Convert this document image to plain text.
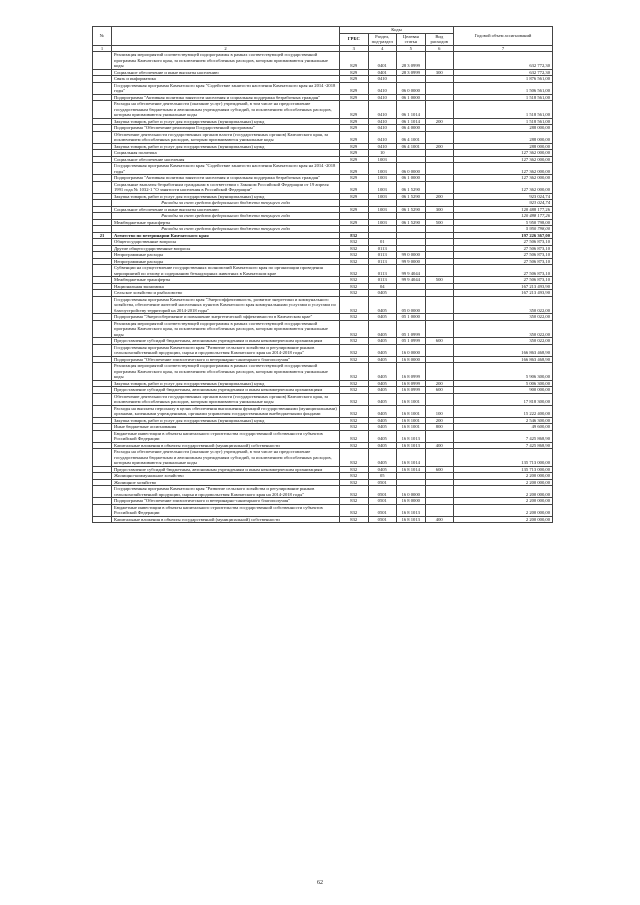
№		Коды				Годовой объем ассигнований
		ГРБС	Раздел, под-раздел	Целевая статья	Вид расходов	
1	2	3	4	5	6	7
	Реализация мероприятий соответствующей подпрограммы в рамках соответствующей государственной программы Камчатского края, за исключением обособленных расходов, которым присваиваются уникальные коды	829	0401	28 3 0999		632 772,30
	Социальное обеспечение и иные выплаты населению	829	0401	28 3 0999	300	632 772,30
	Связь и информатика	829	0410			1 876 561,00
	Государственная программа Камчатского края "Содействие занятости населения Камчатского края на 2014 -2018 годы"	829	0410	06 0 0000		1 506 561,00
	Подпрограмма "Активная политика занятости населения и социальная поддержка безработных граждан"	829	0410	06 1 0000		1 518 561,00
	Расходы на обеспечение деятельности (оказание услуг) учреждений, в том числе на предоставление государственным бюджетным и автономным учреждениям субсидий, за исключением обособленных расходов, которым присваиваются уникальные коды	829	0410	06 1 1014		1 518 561,00
	Закупка товаров, работ и услуг для государственных (муниципальных) нужд	829	0410	06 1 1014	200	1 518 561,00
	Подпрограмма "Обеспечение реализации Государственной программы"	829	0410	06 4 0000		288 000,00
	Обеспечение деятельности государственных органов власти (государственных органов) Камчатского края, за исключением обособленных расходов, которым присваиваются уникальные коды	829	0410	06 4 1001		288 000,00
	Закупка товаров, работ и услуг для государственных (муниципальных) нужд	829	0410	06 4 1001	200	288 000,00
	Социальная политика	829	10			127 362 000,00
	Социальное обеспечение населения	829	1003			127 362 000,00
	Государственная программа Камчатского края "Содействие занятости населения Камчатского края на 2014 -2018 годы"	829	1003	06 0 0000		127 362 000,00
	Подпрограмма "Активная политика занятости населения и социальная поддержка безработных граждан"	829	1003	06 1 0000		127 362 000,00
	Социальные выплаты безработным гражданам в соответствии с Законом Российской Федерации от 19 апреля 1991 года № 1032-1 "О занятости населения в Российской Федерации"	829	1003	06 1 5290		127 362 000,00
	Закупка товаров, работ и услуг для государственных (муниципальных) нужд	829	1003	06 1 5290	200	923 024,74
	Расходы за счет средств федерального бюджета текущего года					923 024,74
	Социальное обеспечение и иные выплаты населению	829	1003	06 1 5290	300	120 488 177,26
	Расходы за счет средств федерального бюджета текущего года					120 488 177,26
	Межбюджетные трансферты	829	1003	06 1 5290	500	5 950 798,00
	Расходы за счет средств федерального бюджета текущего года					5 950 798,00
21	Агентство по ветеринарии Камчатского края	832				197 226 367,00
	Общегосударственные вопросы	832	01			27 506 873,10
	Другие общегосударственные вопросы	832	0113			27 506 873,10
	Непрограммные расходы	832	0113	99 0 0000		27 506 873,10
	Непрограммные расходы	832	0113	99 9 0000		27 506 873,10
	Субвенции на осуществление государственных полномочий Камчатского края по организации проведения мероприятий по отлову и содержанию безнадзорных животных в Камчатском крае	832	0113	99 9 4044		27 506 873,10
	Межбюджетные трансферты	832	0113	99 9 4044	500	27 506 873,10
	Национальная экономика	832	04			167 213 493,90
	Сельское хозяйство и рыболовство	832	0405			167 213 493,90
	Государственная программа Камчатского края "Энергоэффективность, развитие энергетики и коммунального хозяйства, обеспечение жителей населенных пунктов Камчатского края коммунальными услугами и услугами по благоустройству территорий на 2014-2018 годы"	832	0405	05 0 0000		350 022,00
	Подпрограмма "Энергосбережение и повышение энергетической эффективности в Камчатском крае"	832	0405	05 1 0000		350 022,00
	Реализация мероприятий соответствующей подпрограммы в рамках соответствующей государственной программы Камчатского края, за исключением обособленных расходов, которым присваиваются уникальные коды	832	0405	05 1 0999		350 022,00
	Предоставление субсидий бюджетным, автономным учреждениям и иным некоммерческим организациям	832	0405	05 1 0999	600	350 022,00
	Государственная программа Камчатского края "Развитие сельского хозяйства и регулирование рынков сельскохозяйственной продукции, сырья и продовольствия Камчатского края на 2014-2018 годы"	832	0405	16 0 0000		166 863 468,90
	Подпрограмма "Обеспечение эпизоотического и ветеринарно-санитарного благополучия"	832	0405	16 8 0000		166 863 468,90
	Реализация мероприятий соответствующей подпрограммы в рамках соответствующей государственной программы Камчатского края, за исключением обособленных расходов, которым присваиваются уникальные коды	832	0405	16 8 0999		5 906 300,00
	Закупка товаров, работ и услуг для государственных (муниципальных) нужд	832	0405	16 8 0999	200	5 006 300,00
	Предоставление субсидий бюджетным, автономным учреждениям и иным некоммерческим организациям	832	0405	16 8 0999	600	900 000,00
	Обеспечение деятельности государственных органов власти (государственных органов) Камчатского края, за исключением обособленных расходов, которым присваиваются уникальные коды	832	0405	16 8 1001		17 818 300,00
	Расходы на выплаты персоналу в целях обеспечения выполнения функций государственными (муниципальными) органами, казенными учреждениями, органами управления государственными внебюджетными фондами	832	0405	16 8 1001	100	15 222 400,00
	Закупка товаров, работ и услуг для государственных (муниципальных) нужд	832	0405	16 8 1001	200	2 546 300,00
	Иные бюджетные ассигнования	832	0405	16 8 1001	800	49 600,00
	Бюджетные инвестиции в объекты капитального строительства государственной собственности субъектов Российской Федерации	832	0405	16 8 1013		7 425 868,90
	Капитальные вложения в объекты государственной (муниципальной) собственности	832	0405	16 8 1013	400	7 425 868,90
	Расходы на обеспечение деятельности (оказание услуг) учреждений, в том числе на предоставление государственным бюджетным и автономным учреждениям субсидий, за исключением обособленных расходов, которым присваиваются уникальные коды	832	0405	16 8 1014		135 713 000,00
	Предоставление субсидий бюджетным, автономным учреждениям и иным некоммерческим организациям	832	0405	16 8 1014	600	135 713 000,00
	Жилищно-коммунальное хозяйство	832	05			2 200 000,00
	Жилищное хозяйство	832	0501			2 200 000,00
	Государственная программа Камчатского края "Развитие сельского хозяйства и регулирование рынков сельскохозяйственной продукции, сырья и продовольствия Камчатского края на 2014-2018 годы"	832	0501	16 0 0000		2 200 000,00
	Подпрограмма "Обеспечение эпизоотического и ветеринарно-санитарного благополучия"	832	0501	16 8 0000		2 200 000,00
	Бюджетные инвестиции в объекты капитального строительства государственной собственности субъектов Российской Федерации	832	0501	16 8 1013		2 200 000,00
	Капитальные вложения в объекты государственной (муниципальной) собственности	832	0501	16 8 1013	400	2 200 000,00
62
